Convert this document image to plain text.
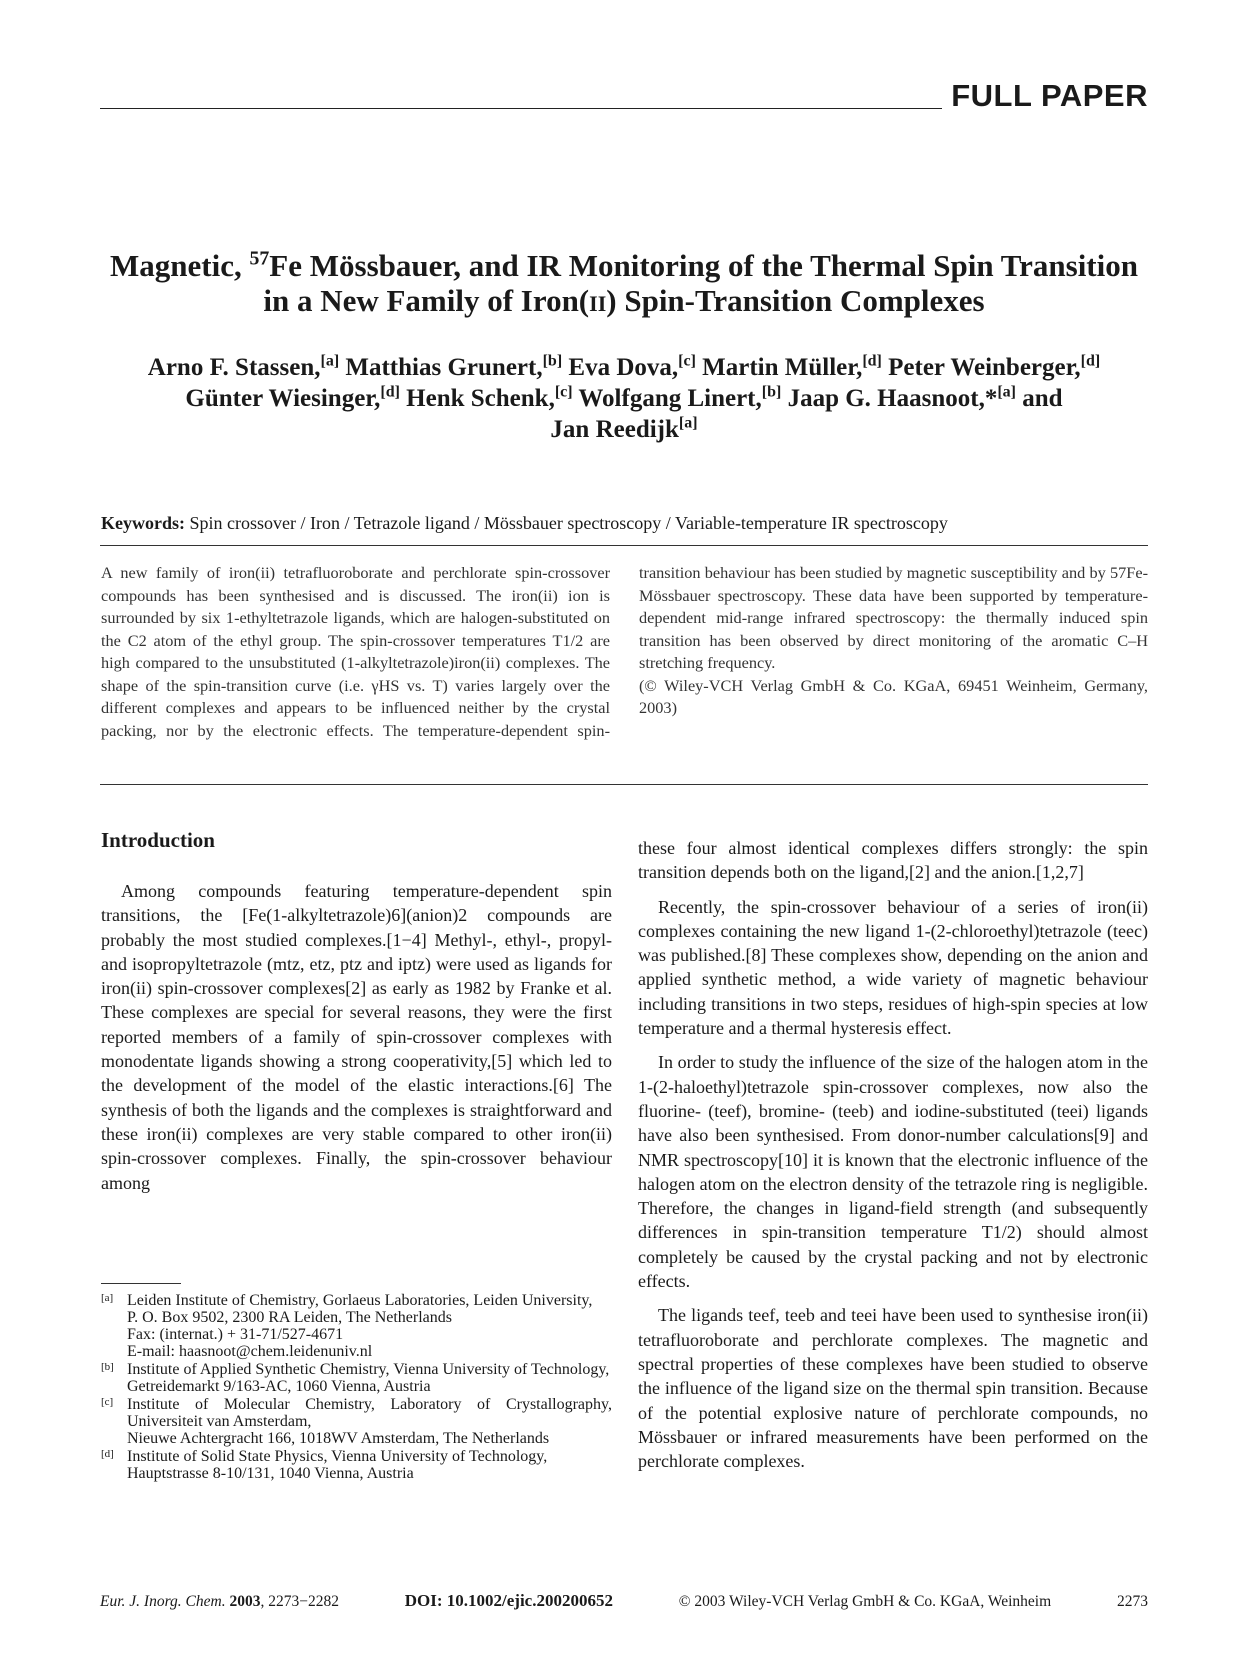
FULL PAPER
Magnetic, $^{57}$Fe Mössbauer, and IR Monitoring of the Thermal Spin Transition
in a New Family of Iron(ii) Spin-Transition Complexes
Arno F. Stassen,[a] Matthias Grunert,[b] Eva Dova,[c] Martin Müller,[d] Peter Weinberger,[d]
Günter Wiesinger,[d] Henk Schenk,[c] Wolfgang Linert,[b] Jaap G. Haasnoot,*[a] and
Jan Reedijk[a]
Keywords: Spin crossover / Iron / Tetrazole ligand / Mössbauer spectroscopy / Variable-temperature IR spectroscopy

A new family of iron(ii) tetrafluoroborate and perchlorate spin-crossover compounds has been synthesised and is discussed. The iron(ii) ion is surrounded by six 1-ethyltetrazole ligands, which are halogen-substituted on the C2 atom of the ethyl group. The spin-crossover temperatures T1/2 are high compared to the unsubstituted (1-alkyltetrazole)iron(ii) complexes. The shape of the spin-transition curve (i.e. γHS vs. T) varies largely over the different complexes and appears to be influenced neither by the crystal packing, nor by the electronic effects. The temperature-dependent spin-transition behaviour has been studied by magnetic susceptibility and by 57Fe-Mössbauer spectroscopy. These data have been supported by temperature-dependent mid-range infrared spectroscopy: the thermally induced spin transition has been observed by direct monitoring of the aromatic C–H stretching frequency.

(© Wiley-VCH Verlag GmbH & Co. KGaA, 69451 Weinheim, Germany, 2003)

Introduction

Among compounds featuring temperature-dependent spin transitions, the [Fe(1-alkyltetrazole)6](anion)2 compounds are probably the most studied complexes.[1−4] Methyl-, ethyl-, propyl- and isopropyltetrazole (mtz, etz, ptz and iptz) were used as ligands for iron(ii) spin-crossover complexes[2] as early as 1982 by Franke et al. These complexes are special for several reasons, they were the first reported members of a family of spin-crossover complexes with monodentate ligands showing a strong cooperativity,[5] which led to the development of the model of the elastic interactions.[6] The synthesis of both the ligands and the complexes is straightforward and these iron(ii) complexes are very stable compared to other iron(ii) spin-crossover complexes. Finally, the spin-crossover behaviour among

these four almost identical complexes differs strongly: the spin transition depends both on the ligand,[2] and the anion.[1,2,7]

Recently, the spin-crossover behaviour of a series of iron(ii) complexes containing the new ligand 1-(2-chloroethyl)tetrazole (teec) was published.[8] These complexes show, depending on the anion and applied synthetic method, a wide variety of magnetic behaviour including transitions in two steps, residues of high-spin species at low temperature and a thermal hysteresis effect.

In order to study the influence of the size of the halogen atom in the 1-(2-haloethyl)tetrazole spin-crossover complexes, now also the fluorine- (teef), bromine- (teeb) and iodine-substituted (teei) ligands have also been synthesised. From donor-number calculations[9] and NMR spectroscopy[10] it is known that the electronic influence of the halogen atom on the electron density of the tetrazole ring is negligible. Therefore, the changes in ligand-field strength (and subsequently differences in spin-transition temperature T1/2) should almost completely be caused by the crystal packing and not by electronic effects.

The ligands teef, teeb and teei have been used to synthesise iron(ii) tetrafluoroborate and perchlorate complexes. The magnetic and spectral properties of these complexes have been studied to observe the influence of the ligand size on the thermal spin transition. Because of the potential explosive nature of perchlorate compounds, no Mössbauer or infrared measurements have been performed on the perchlorate complexes.

[a] Leiden Institute of Chemistry, Gorlaeus Laboratories, Leiden University,
P. O. Box 9502, 2300 RA Leiden, The Netherlands
Fax: (internat.) + 31-71/527-4671
E-mail: haasnoot@chem.leidenuniv.nl
[b] Institute of Applied Synthetic Chemistry, Vienna University of Technology,
Getreidemarkt 9/163-AC, 1060 Vienna, Austria
[c] Institute of Molecular Chemistry, Laboratory of Crystallography, Universiteit van Amsterdam,
Nieuwe Achtergracht 166, 1018WV Amsterdam, The Netherlands
[d] Institute of Solid State Physics, Vienna University of Technology,
Hauptstrasse 8-10/131, 1040 Vienna, Austria
Eur. J. Inorg. Chem. 2003, 2273−2282	DOI: 10.1002/ejic.200200652	© 2003 Wiley-VCH Verlag GmbH & Co. KGaA, Weinheim	2273
